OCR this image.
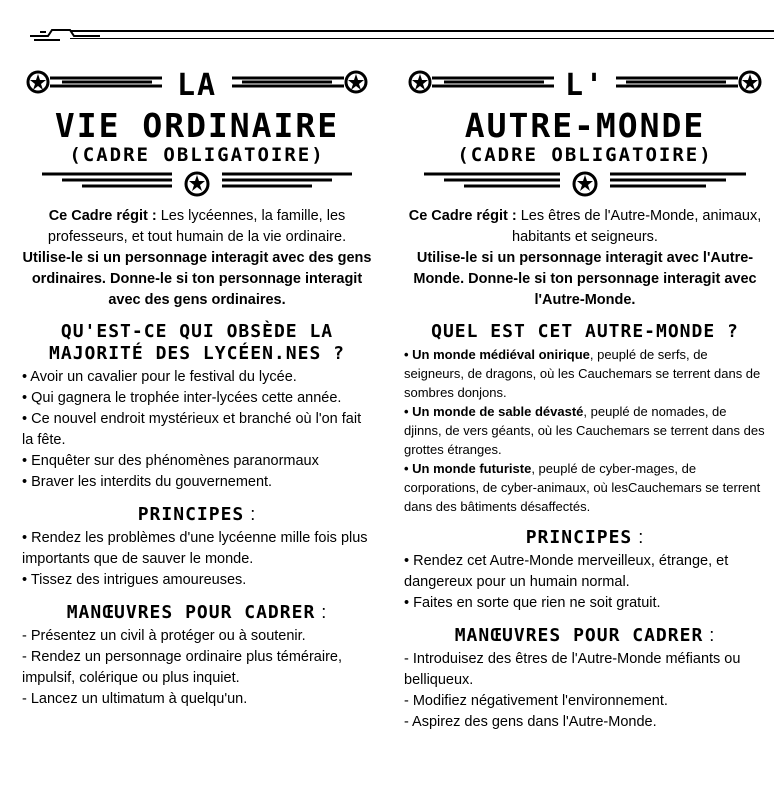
LA
VIE ORDINAIRE
(CADRE OBLIGATOIRE)
Ce Cadre régit : Les lycéennes, la famille, les professeurs, et tout humain de la vie ordinaire.
Utilise-le si un personnage interagit avec des gens ordinaires. Donne-le si ton personnage interagit avec des gens ordinaires.
QU'EST-CE QUI OBSÈDE LA MAJORITÉ DES LYCÉEN.NES ?

• Avoir un cavalier pour le festival du lycée.

• Qui gagnera le trophée inter-lycées cette année.

• Ce nouvel endroit mystérieux et branché où l'on fait la fête.

• Enquêter sur des phénomènes paranormaux

• Braver les interdits du gouvernement.

PRINCIPES :

• Rendez les problèmes d'une lycéenne mille fois plus importants que de sauver le monde.

• Tissez des intrigues amoureuses.

MANŒUVRES POUR CADRER :

- Présentez un civil à protéger ou à soutenir.

- Rendez un personnage ordinaire plus téméraire, impulsif, colérique ou plus inquiet.

- Lancez un ultimatum à quelqu'un.

L'
AUTRE-MONDE
(CADRE OBLIGATOIRE)
Ce Cadre régit : Les êtres de l'Autre-Monde, animaux, habitants et seigneurs.
Utilise-le si un personnage interagit avec l'Autre-Monde. Donne-le si ton personnage interagit avec l'Autre-Monde.
QUEL EST CET AUTRE-MONDE ?

• Un monde médiéval onirique, peuplé de serfs, de seigneurs, de dragons, où les Cauchemars se terrent dans de sombres donjons.

• Un monde de sable dévasté, peuplé de nomades, de djinns, de vers géants, où les Cauchemars se terrent dans des grottes étranges.

• Un monde futuriste, peuplé de cyber-mages, de corporations, de cyber-animaux, où lesCauchemars se terrent dans des bâtiments désaffectés.

PRINCIPES :

• Rendez cet Autre-Monde merveilleux, étrange, et dangereux pour un humain normal.

• Faites en sorte que rien ne soit gratuit.

MANŒUVRES POUR CADRER :

- Introduisez des êtres de l'Autre-Monde méfiants ou belliqueux.

- Modifiez négativement l'environnement.

- Aspirez des gens dans l'Autre-Monde.
